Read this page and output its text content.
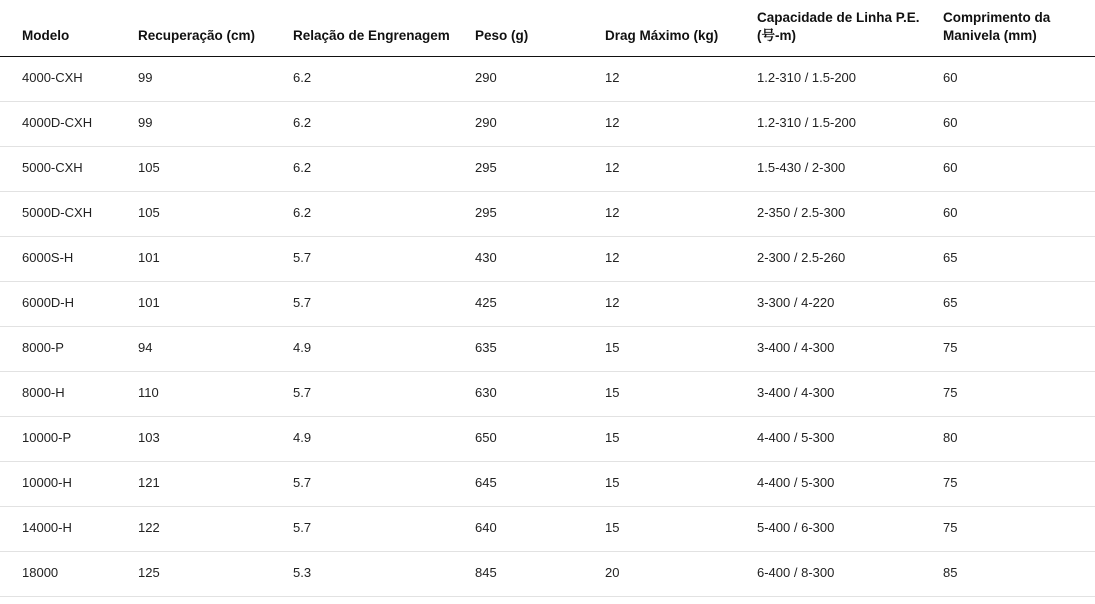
Modelo	Recuperação (cm)	Relação de Engrenagem	Peso (g)	Drag Máximo (kg)	Capacidade de Linha P.E. (号-m)	Comprimento da Manivela (mm)
4000-CXH	99	6.2	290	12	1.2-310 / 1.5-200	60
4000D-CXH	99	6.2	290	12	1.2-310 / 1.5-200	60
5000-CXH	105	6.2	295	12	1.5-430 / 2-300	60
5000D-CXH	105	6.2	295	12	2-350 / 2.5-300	60
6000S-H	101	5.7	430	12	2-300 / 2.5-260	65
6000D-H	101	5.7	425	12	3-300 / 4-220	65
8000-P	94	4.9	635	15	3-400 / 4-300	75
8000-H	110	5.7	630	15	3-400 / 4-300	75
10000-P	103	4.9	650	15	4-400 / 5-300	80
10000-H	121	5.7	645	15	4-400 / 5-300	75
14000-H	122	5.7	640	15	5-400 / 6-300	75
18000	125	5.3	845	20	6-400 / 8-300	85
